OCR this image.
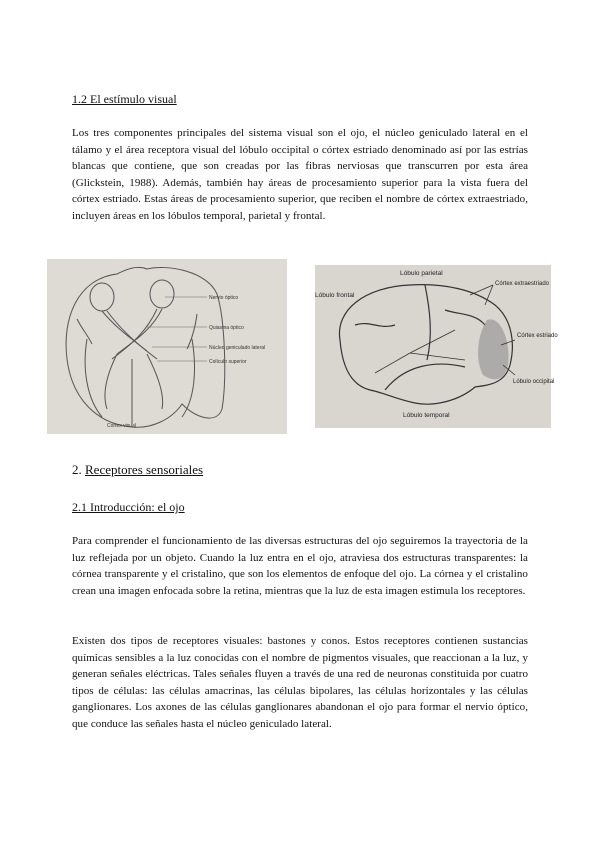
1.2 El estímulo visual
Los tres componentes principales del sistema visual son el ojo, el núcleo geniculado lateral en el tálamo y el área receptora visual del lóbulo occipital o córtex estriado denominado así por las estrías blancas que contiene, que son creadas por las fibras nerviosas que transcurren por esta área (Glickstein, 1988). Además, también hay áreas de procesamiento superior para la vista fuera del córtex estriado. Estas áreas de procesamiento superior, que reciben el nombre de córtex extraestriado, incluyen áreas en los lóbulos temporal, parietal y frontal.
Nervio óptico
Quiasma óptico
Núcleo geniculado lateral
Colículo superior
Córtex visual
Lóbulo parietal
Lóbulo frontal
Córtex extraestriado
Córtex estriado
Lóbulo occipital
Lóbulo temporal
2. Receptores sensoriales
2.1 Introducción: el ojo
Para comprender el funcionamiento de las diversas estructuras del ojo seguiremos la trayectoria de la luz reflejada por un objeto. Cuando la luz entra en el ojo, atraviesa dos estructuras transparentes: la córnea transparente y el cristalino, que son los elementos de enfoque del ojo. La córnea y el cristalino crean una imagen enfocada sobre la retina, mientras que la luz de esta imagen estimula los receptores.
Existen dos tipos de receptores visuales: bastones y conos. Estos receptores contienen sustancias químicas sensibles a la luz conocidas con el nombre de pigmentos visuales, que reaccionan a la luz, y generan señales eléctricas. Tales señales fluyen a través de una red de neuronas constituida por cuatro tipos de células: las células amacrinas, las células bipolares, las células horizontales y las células ganglionares. Los axones de las células ganglionares abandonan el ojo para formar el nervio óptico, que conduce las señales hasta el núcleo geniculado lateral.
